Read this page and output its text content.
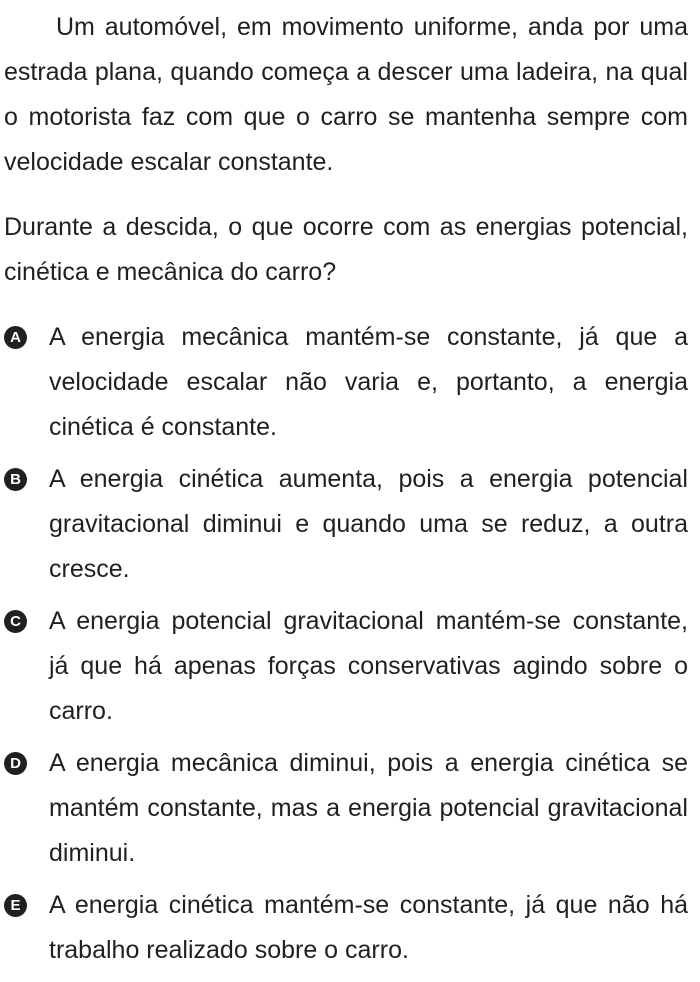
Um automóvel, em movimento uniforme, anda por uma estrada plana, quando começa a descer uma ladeira, na qual o motorista faz com que o carro se mantenha sempre com velocidade escalar constante.

Durante a descida, o que ocorre com as energias potencial, cinética e mecânica do carro?

A A energia mecânica mantém-se constante, já que a velocidade escalar não varia e, portanto, a energia cinética é constante.

B A energia cinética aumenta, pois a energia potencial gravitacional diminui e quando uma se reduz, a outra cresce.

C A energia potencial gravitacional mantém-se constante, já que há apenas forças conservativas agindo sobre o carro.

D A energia mecânica diminui, pois a energia cinética se mantém constante, mas a energia potencial gravitacional diminui.

E A energia cinética mantém-se constante, já que não há trabalho realizado sobre o carro.
